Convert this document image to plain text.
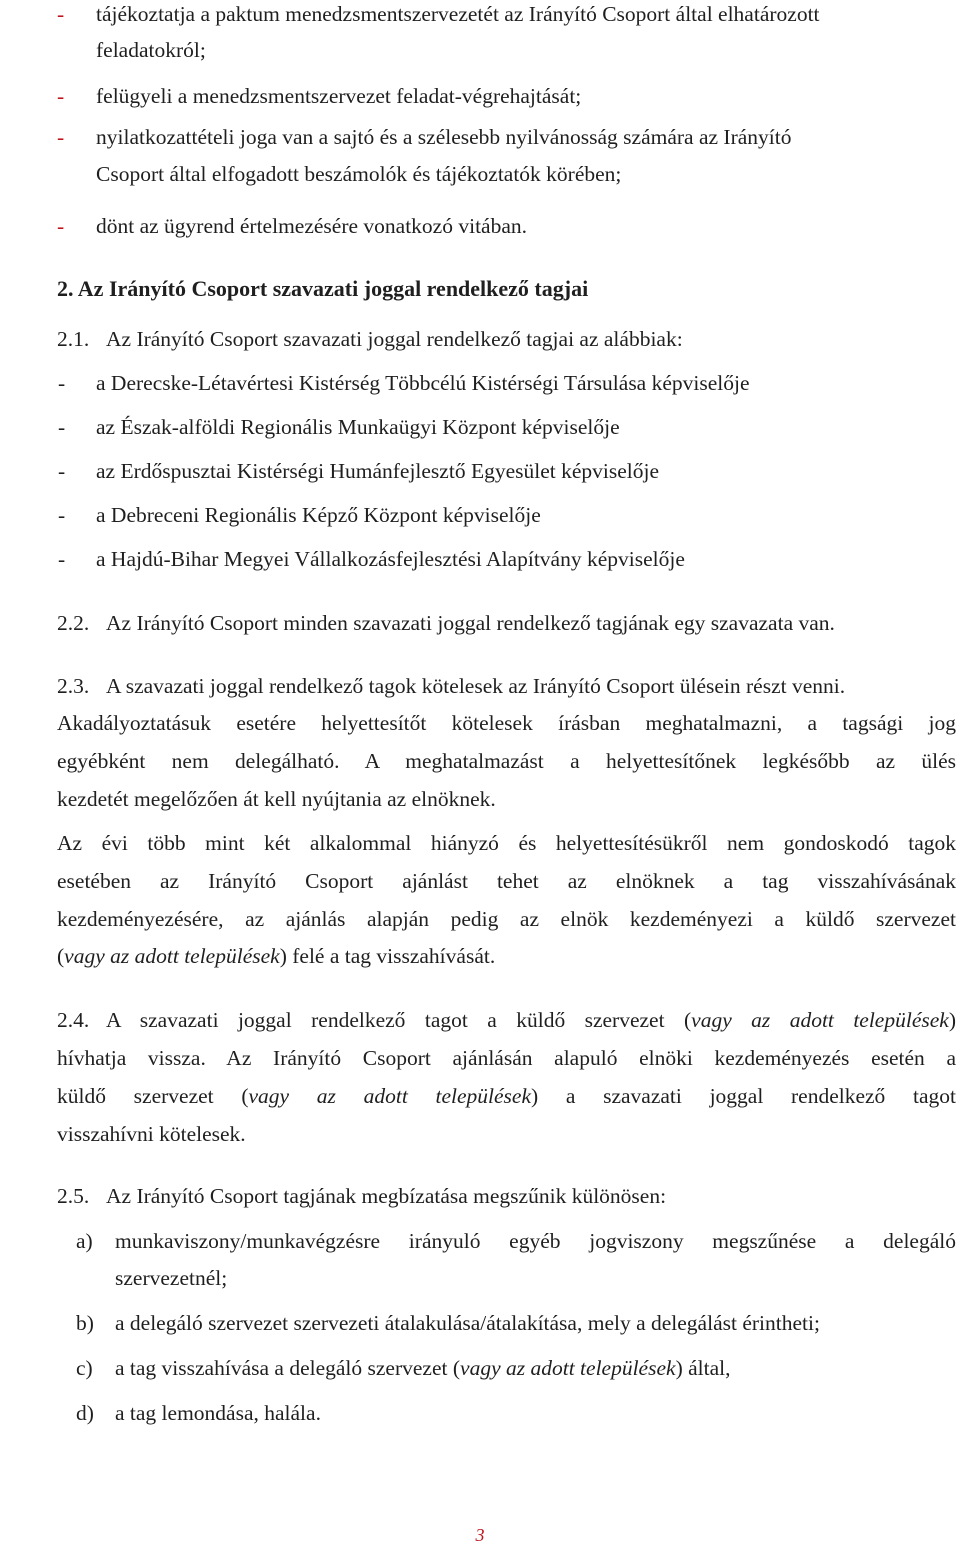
- tájékoztatja a paktum menedzsmentszervezetét az Irányító Csoport által elhatározott
feladatokról;
- felügyeli a menedzsmentszervezet feladat-végrehajtását;
- nyilatkozattételi joga van a sajtó és a szélesebb nyilvánosság számára az Irányító
Csoport által elfogadott beszámolók és tájékoztatók körében;
- dönt az ügyrend értelmezésére vonatkozó vitában.
2. Az Irányító Csoport szavazati joggal rendelkező tagjai
2.1. Az Irányító Csoport szavazati joggal rendelkező tagjai az alábbiak:
- a Derecske-Létavértesi Kistérség Többcélú Kistérségi Társulása képviselője
- az Észak-alföldi Regionális Munkaügyi Központ képviselője
- az Erdőspusztai Kistérségi Humánfejlesztő Egyesület képviselője
- a Debreceni Regionális Képző Központ képviselője
- a Hajdú-Bihar Megyei Vállalkozásfejlesztési Alapítvány képviselője
2.2. Az Irányító Csoport minden szavazati joggal rendelkező tagjának egy szavazata van.
2.3. A szavazati joggal rendelkező tagok kötelesek az Irányító Csoport ülésein részt venni.
Akadályoztatásuk esetére helyettesítőt kötelesek írásban meghatalmazni, a tagsági jog
egyébként nem delegálható. A meghatalmazást a helyettesítőnek legkésőbb az ülés
kezdetét megelőzően át kell nyújtania az elnöknek.
Az évi több mint két alkalommal hiányzó és helyettesítésükről nem gondoskodó tagok
esetében az Irányító Csoport ajánlást tehet az elnöknek a tag visszahívásának
kezdeményezésére, az ajánlás alapján pedig az elnök kezdeményezi a küldő szervezet
(vagy az adott települések) felé a tag visszahívását.
2.4. A szavazati joggal rendelkező tagot a küldő szervezet (vagy az adott települések)
hívhatja vissza. Az Irányító Csoport ajánlásán alapuló elnöki kezdeményezés esetén a
küldő szervezet (vagy az adott települések) a szavazati joggal rendelkező tagot
visszahívni kötelesek.
2.5. Az Irányító Csoport tagjának megbízatása megszűnik különösen:
a) munkaviszony/munkavégzésre irányuló egyéb jogviszony megszűnése a delegáló
szervezetnél;
b) a delegáló szervezet szervezeti átalakulása/átalakítása, mely a delegálást érintheti;
c) a tag visszahívása a delegáló szervezet (vagy az adott települések) által,
d) a tag lemondása, halála.
3
